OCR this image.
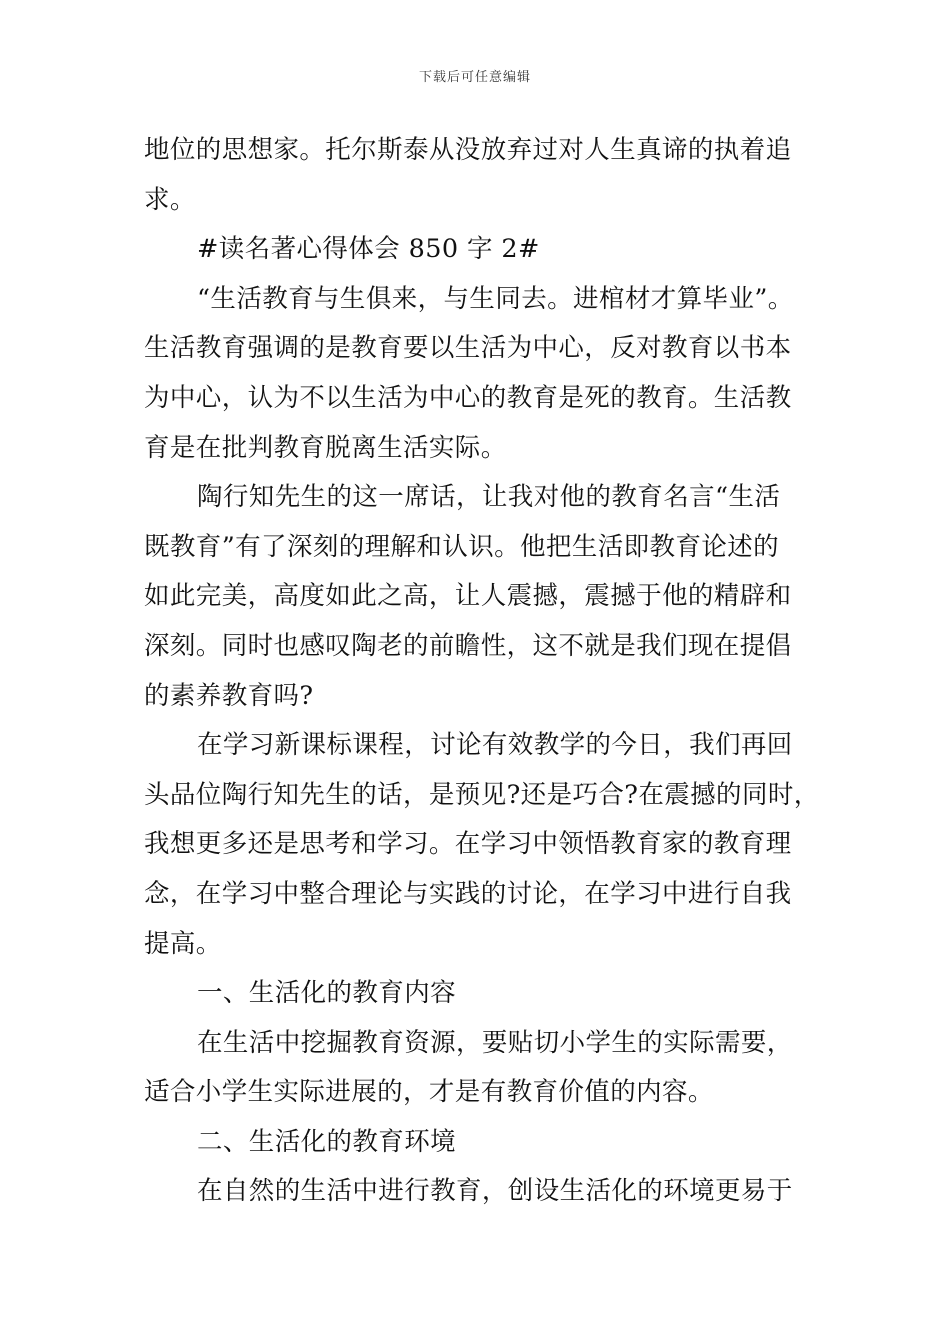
下载后可任意编辑
地位的思想家。托尔斯泰从没放弃过对人生真谛的执着追
求。
#读名著心得体会 850 字 2#
“生活教育与生俱来，与生同去。进棺材才算毕业”。
生活教育强调的是教育要以生活为中心，反对教育以书本
为中心，认为不以生活为中心的教育是死的教育。生活教
育是在批判教育脱离生活实际。
陶行知先生的这一席话，让我对他的教育名言“生活
既教育”有了深刻的理解和认识。他把生活即教育论述的
如此完美，高度如此之高，让人震撼，震撼于他的精辟和
深刻。同时也感叹陶老的前瞻性，这不就是我们现在提倡
的素养教育吗?
在学习新课标课程，讨论有效教学的今日，我们再回
头品位陶行知先生的话，是预见?还是巧合?在震撼的同时，
我想更多还是思考和学习。在学习中领悟教育家的教育理
念，在学习中整合理论与实践的讨论，在学习中进行自我
提高。
一、生活化的教育内容
在生活中挖掘教育资源，要贴切小学生的实际需要，
适合小学生实际进展的，才是有教育价值的内容。
二、生活化的教育环境
在自然的生活中进行教育，创设生活化的环境更易于
